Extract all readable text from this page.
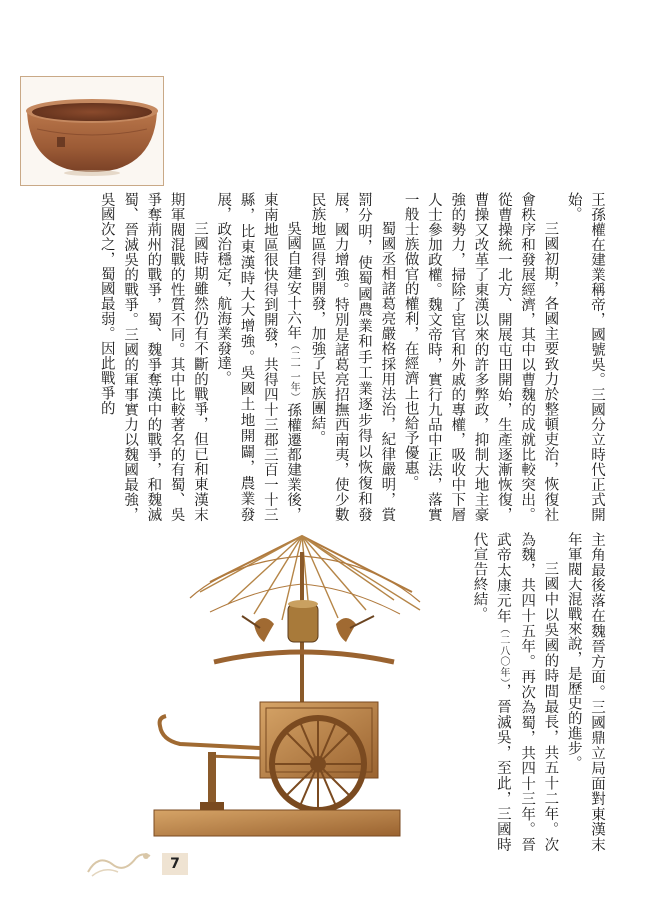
王孫權在建業稱帝，國號吳。三國分立時代正式開始。

三國初期，各國主要致力於整頓吏治，恢復社會秩序和發展經濟，其中以曹魏的成就比較突出。從曹操統一北方、開展屯田開始，生產逐漸恢復，曹操又改革了東漢以來的許多弊政，抑制大地主豪強的勢力，掃除了宦官和外戚的專權，吸收中下層人士參加政權。魏文帝時，實行九品中正法，落實一般士族做官的權利，在經濟上也給予優惠。

蜀國丞相諸葛亮嚴格採用法治，紀律嚴明，賞罰分明，使蜀國農業和手工業逐步得以恢復和發展，國力增強。特別是諸葛亮招撫西南夷，使少數民族地區得到開發，加強了民族團結。

吳國自建安十六年（二一一年）孫權遷都建業後，東南地區很快得到開發，共得四十三郡三百一十三縣，比東漢時大大增強。吳國土地開闢，農業發展，政治穩定，航海業發達。

三國時期雖然仍有不斷的戰爭，但已和東漢末期軍閥混戰的性質不同。其中比較著名的有蜀、吳爭奪荊州的戰爭，蜀、魏爭奪漢中的戰爭，和魏滅蜀、晉滅吳的戰爭。三國的軍事實力以魏國最強，吳國次之，蜀國最弱。因此戰爭的

主角最後落在魏晉方面。三國鼎立局面對東漢末年軍閥大混戰來說，是歷史的進步。

三國中以吳國的時間最長，共五十二年。次為魏，共四十五年。再次為蜀，共四十三年。晉武帝太康元年（二八〇年），晉滅吳，至此，三國時代宣告終結。

7
